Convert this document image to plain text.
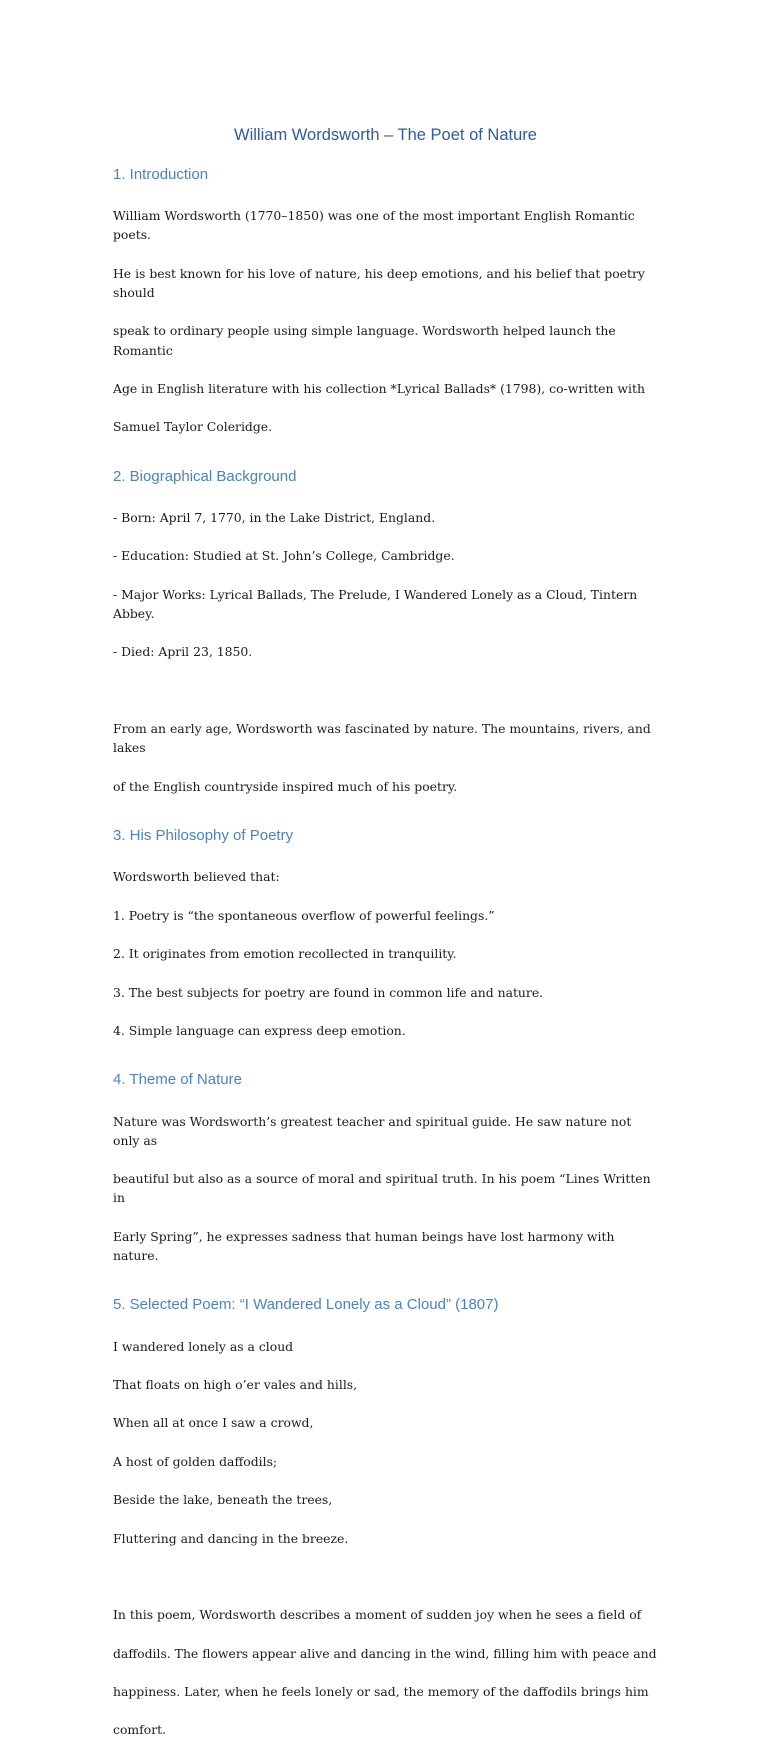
William Wordsworth – The Poet of Nature
1. Introduction

William Wordsworth (1770–1850) was one of the most important English Romantic poets.

He is best known for his love of nature, his deep emotions, and his belief that poetry should

speak to ordinary people using simple language. Wordsworth helped launch the Romantic

Age in English literature with his collection *Lyrical Ballads* (1798), co-written with

Samuel Taylor Coleridge.

2. Biographical Background

- Born: April 7, 1770, in the Lake District, England.

- Education: Studied at St. John’s College, Cambridge.

- Major Works: Lyrical Ballads, The Prelude, I Wandered Lonely as a Cloud, Tintern Abbey.

- Died: April 23, 1850.

From an early age, Wordsworth was fascinated by nature. The mountains, rivers, and lakes

of the English countryside inspired much of his poetry.

3. His Philosophy of Poetry

Wordsworth believed that:

1. Poetry is “the spontaneous overflow of powerful feelings.”

2. It originates from emotion recollected in tranquility.

3. The best subjects for poetry are found in common life and nature.

4. Simple language can express deep emotion.

4. Theme of Nature

Nature was Wordsworth’s greatest teacher and spiritual guide. He saw nature not only as

beautiful but also as a source of moral and spiritual truth. In his poem “Lines Written in

Early Spring”, he expresses sadness that human beings have lost harmony with nature.

5. Selected Poem: “I Wandered Lonely as a Cloud” (1807)

I wandered lonely as a cloud

That floats on high o’er vales and hills,

When all at once I saw a crowd,

A host of golden daffodils;

Beside the lake, beneath the trees,

Fluttering and dancing in the breeze.

In this poem, Wordsworth describes a moment of sudden joy when he sees a field of

daffodils. The flowers appear alive and dancing in the wind, filling him with peace and

happiness. Later, when he feels lonely or sad, the memory of the daffodils brings him

comfort.
